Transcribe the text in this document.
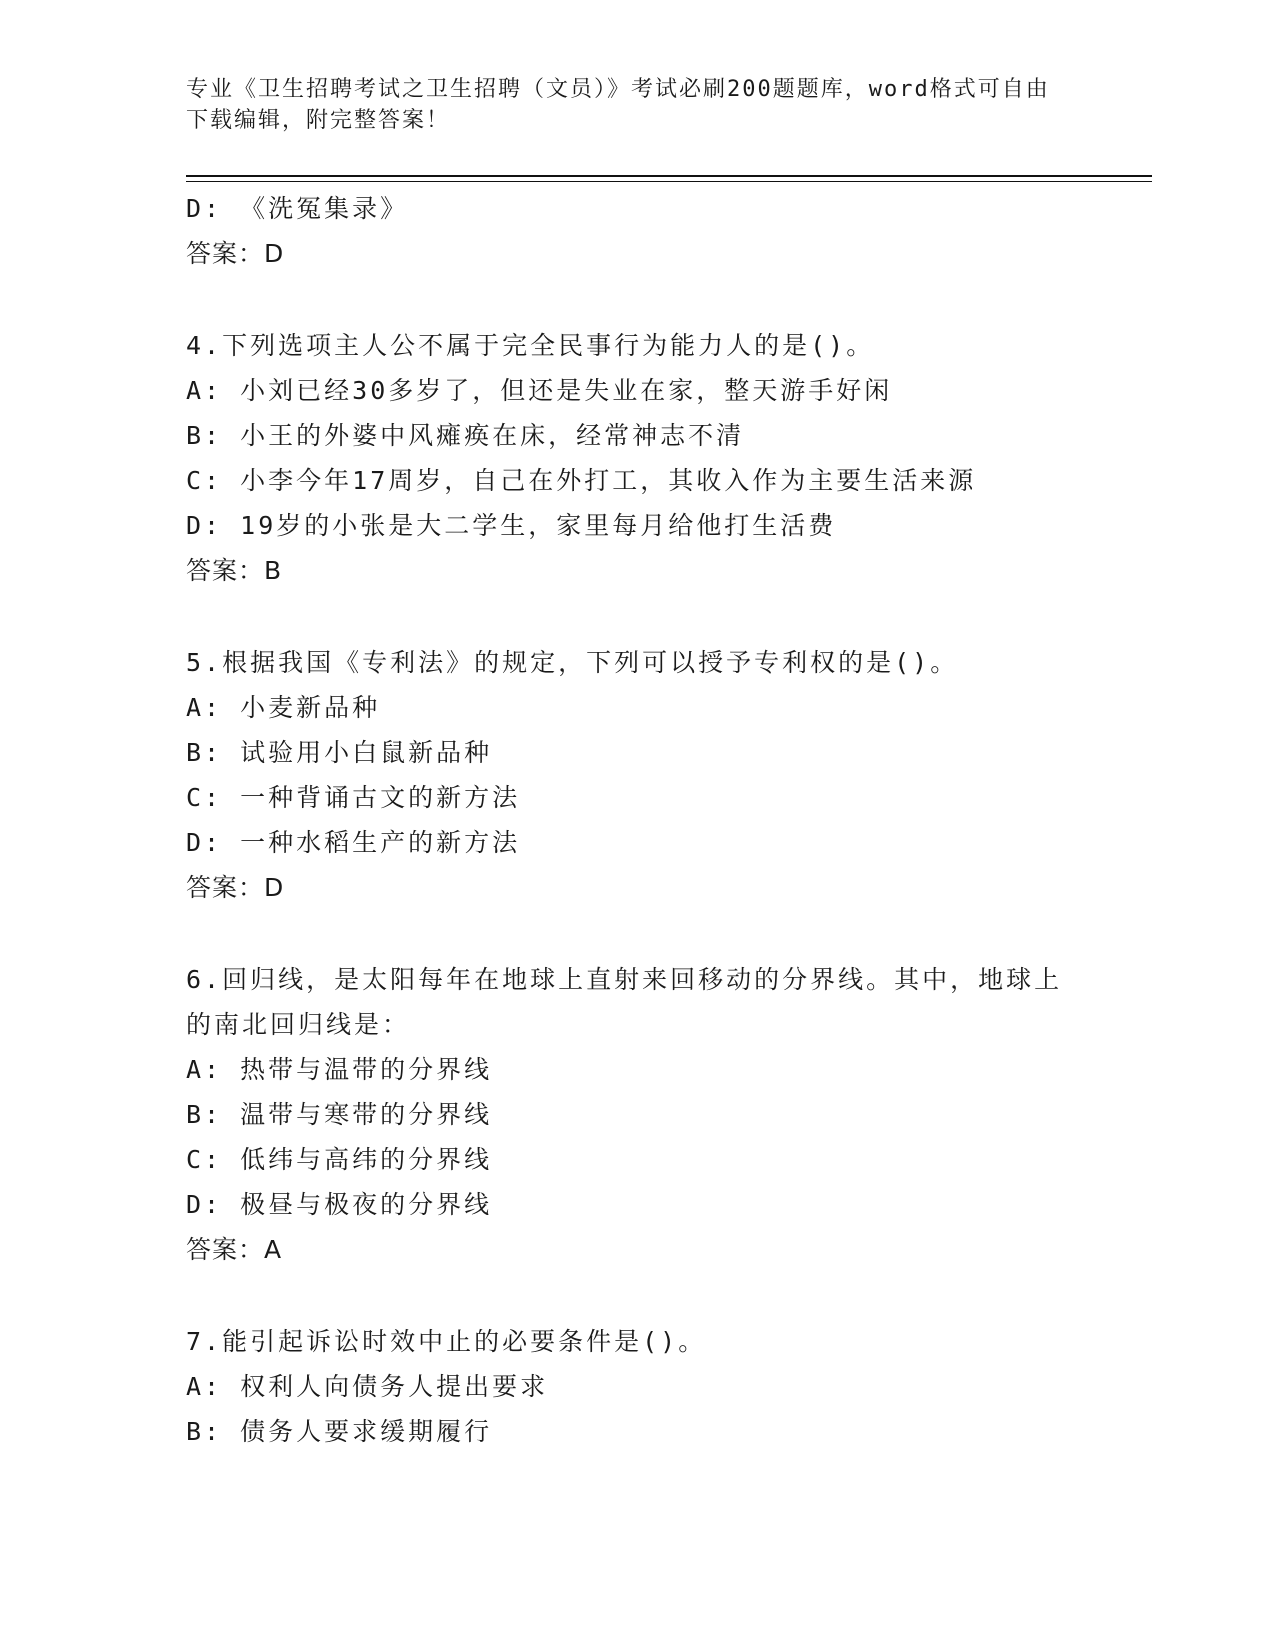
专业《卫生招聘考试之卫生招聘（文员）》考试必刷200题题库，word格式可自由下载编辑，附完整答案！
D: 《洗冤集录》
答案：D
4.下列选项主人公不属于完全民事行为能力人的是()。
A: 小刘已经30多岁了，但还是失业在家，整天游手好闲
B: 小王的外婆中风瘫痪在床，经常神志不清
C: 小李今年17周岁，自己在外打工，其收入作为主要生活来源
D: 19岁的小张是大二学生，家里每月给他打生活费
答案：B
5.根据我国《专利法》的规定，下列可以授予专利权的是()。
A: 小麦新品种
B: 试验用小白鼠新品种
C: 一种背诵古文的新方法
D: 一种水稻生产的新方法
答案：D
6.回归线，是太阳每年在地球上直射来回移动的分界线。其中，地球上的南北回归线是：
A: 热带与温带的分界线
B: 温带与寒带的分界线
C: 低纬与高纬的分界线
D: 极昼与极夜的分界线
答案：A
7.能引起诉讼时效中止的必要条件是()。
A: 权利人向债务人提出要求
B: 债务人要求缓期履行
